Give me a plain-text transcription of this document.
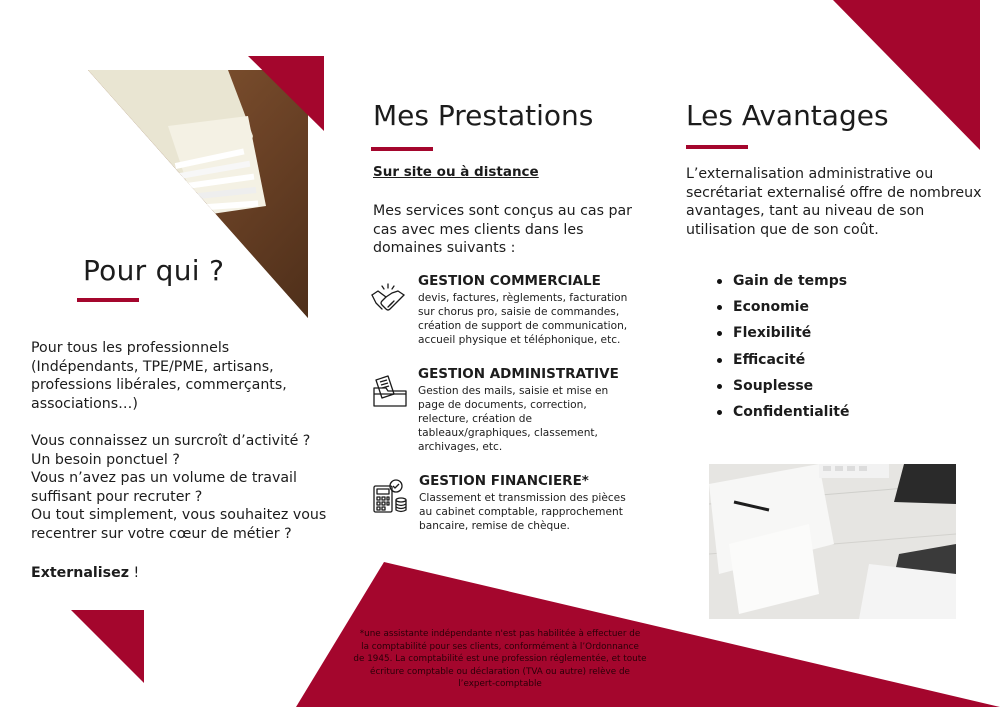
Pour qui ?

Pour tous les professionnels

(Indépendants, TPE/PME, artisans,

professions libérales, commerçants,

associations…)

Vous connaissez un surcroît d’activité ?

Un besoin ponctuel ?

Vous n’avez pas un volume de travail

suffisant pour recruter ?

Ou tout simplement, vous souhaitez vous

recentrer sur votre cœur de métier ?

Externalisez !

Mes Prestations
Sur site ou à distance

Mes services sont conçus au cas par

cas avec mes clients dans les

domaines suivants :

GESTION COMMERCIALE

devis, factures, règlements, facturation

sur chorus pro, saisie de commandes,

création de support de communication,

accueil physique et téléphonique, etc.

GESTION ADMINISTRATIVE

Gestion des mails, saisie et mise en

page de documents, correction,

relecture, création de

tableaux/graphiques, classement,

archivages, etc.

GESTION FINANCIERE*

Classement et transmission des pièces

au cabinet comptable, rapprochement

bancaire, remise de chèque.

Les Avantages

L’externalisation administrative ou

secrétariat externalisé offre de nombreux

avantages, tant au niveau de son

utilisation que de son coût.

Gain de temps
Economie
Flexibilité
Efficacité
Souplesse
Confidentialité
*une assistante indépendante n'est pas habilitée à effectuer de
la comptabilité pour ses clients, conformément à l’Ordonnance
de 1945. La comptabilité est une profession réglementée, et toute
écriture comptable ou déclaration (TVA ou autre) relève de
l’expert-comptable
